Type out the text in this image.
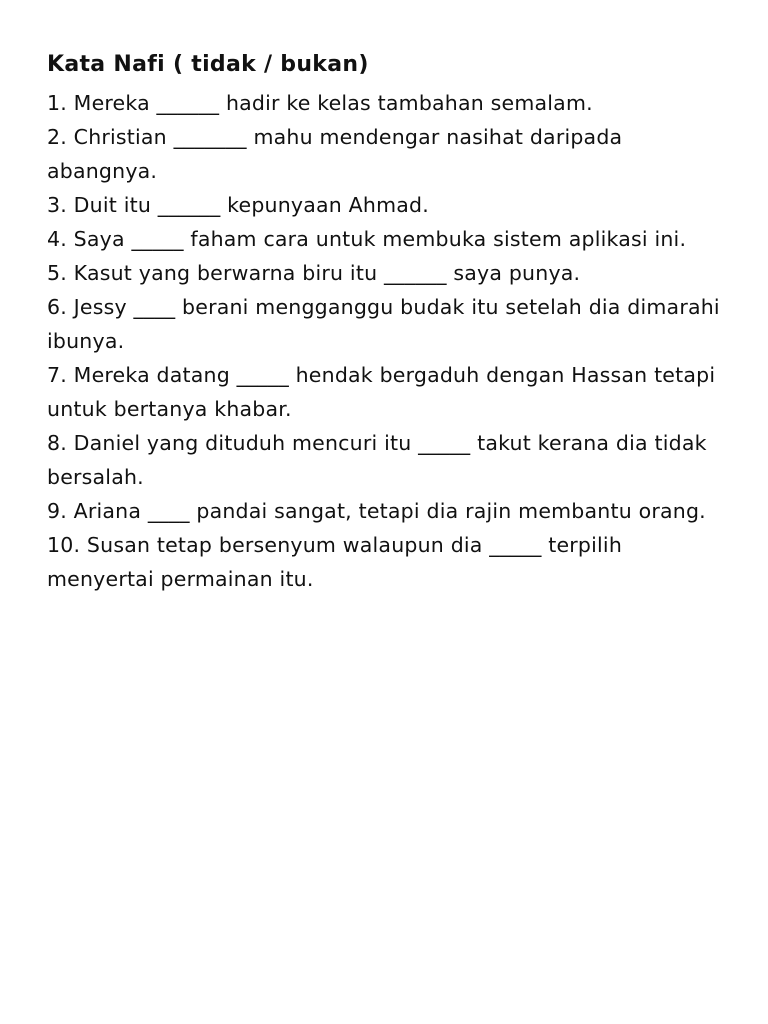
Kata Nafi ( tidak / bukan)

1. Mereka ______ hadir ke kelas tambahan semalam.

2. Christian _______ mahu mendengar nasihat daripada abangnya.

3. Duit itu ______ kepunyaan Ahmad.

4. Saya _____ faham cara untuk membuka sistem aplikasi ini.

5. Kasut yang berwarna biru itu ______ saya punya.

6. Jessy ____ berani mengganggu budak itu setelah dia dimarahi ibunya.

7. Mereka datang _____ hendak bergaduh dengan Hassan tetapi untuk bertanya khabar.

8. Daniel yang dituduh mencuri itu _____ takut kerana dia tidak bersalah.

9. Ariana ____ pandai sangat, tetapi dia rajin membantu orang.

10. Susan tetap bersenyum walaupun dia _____ terpilih menyertai permainan itu.
